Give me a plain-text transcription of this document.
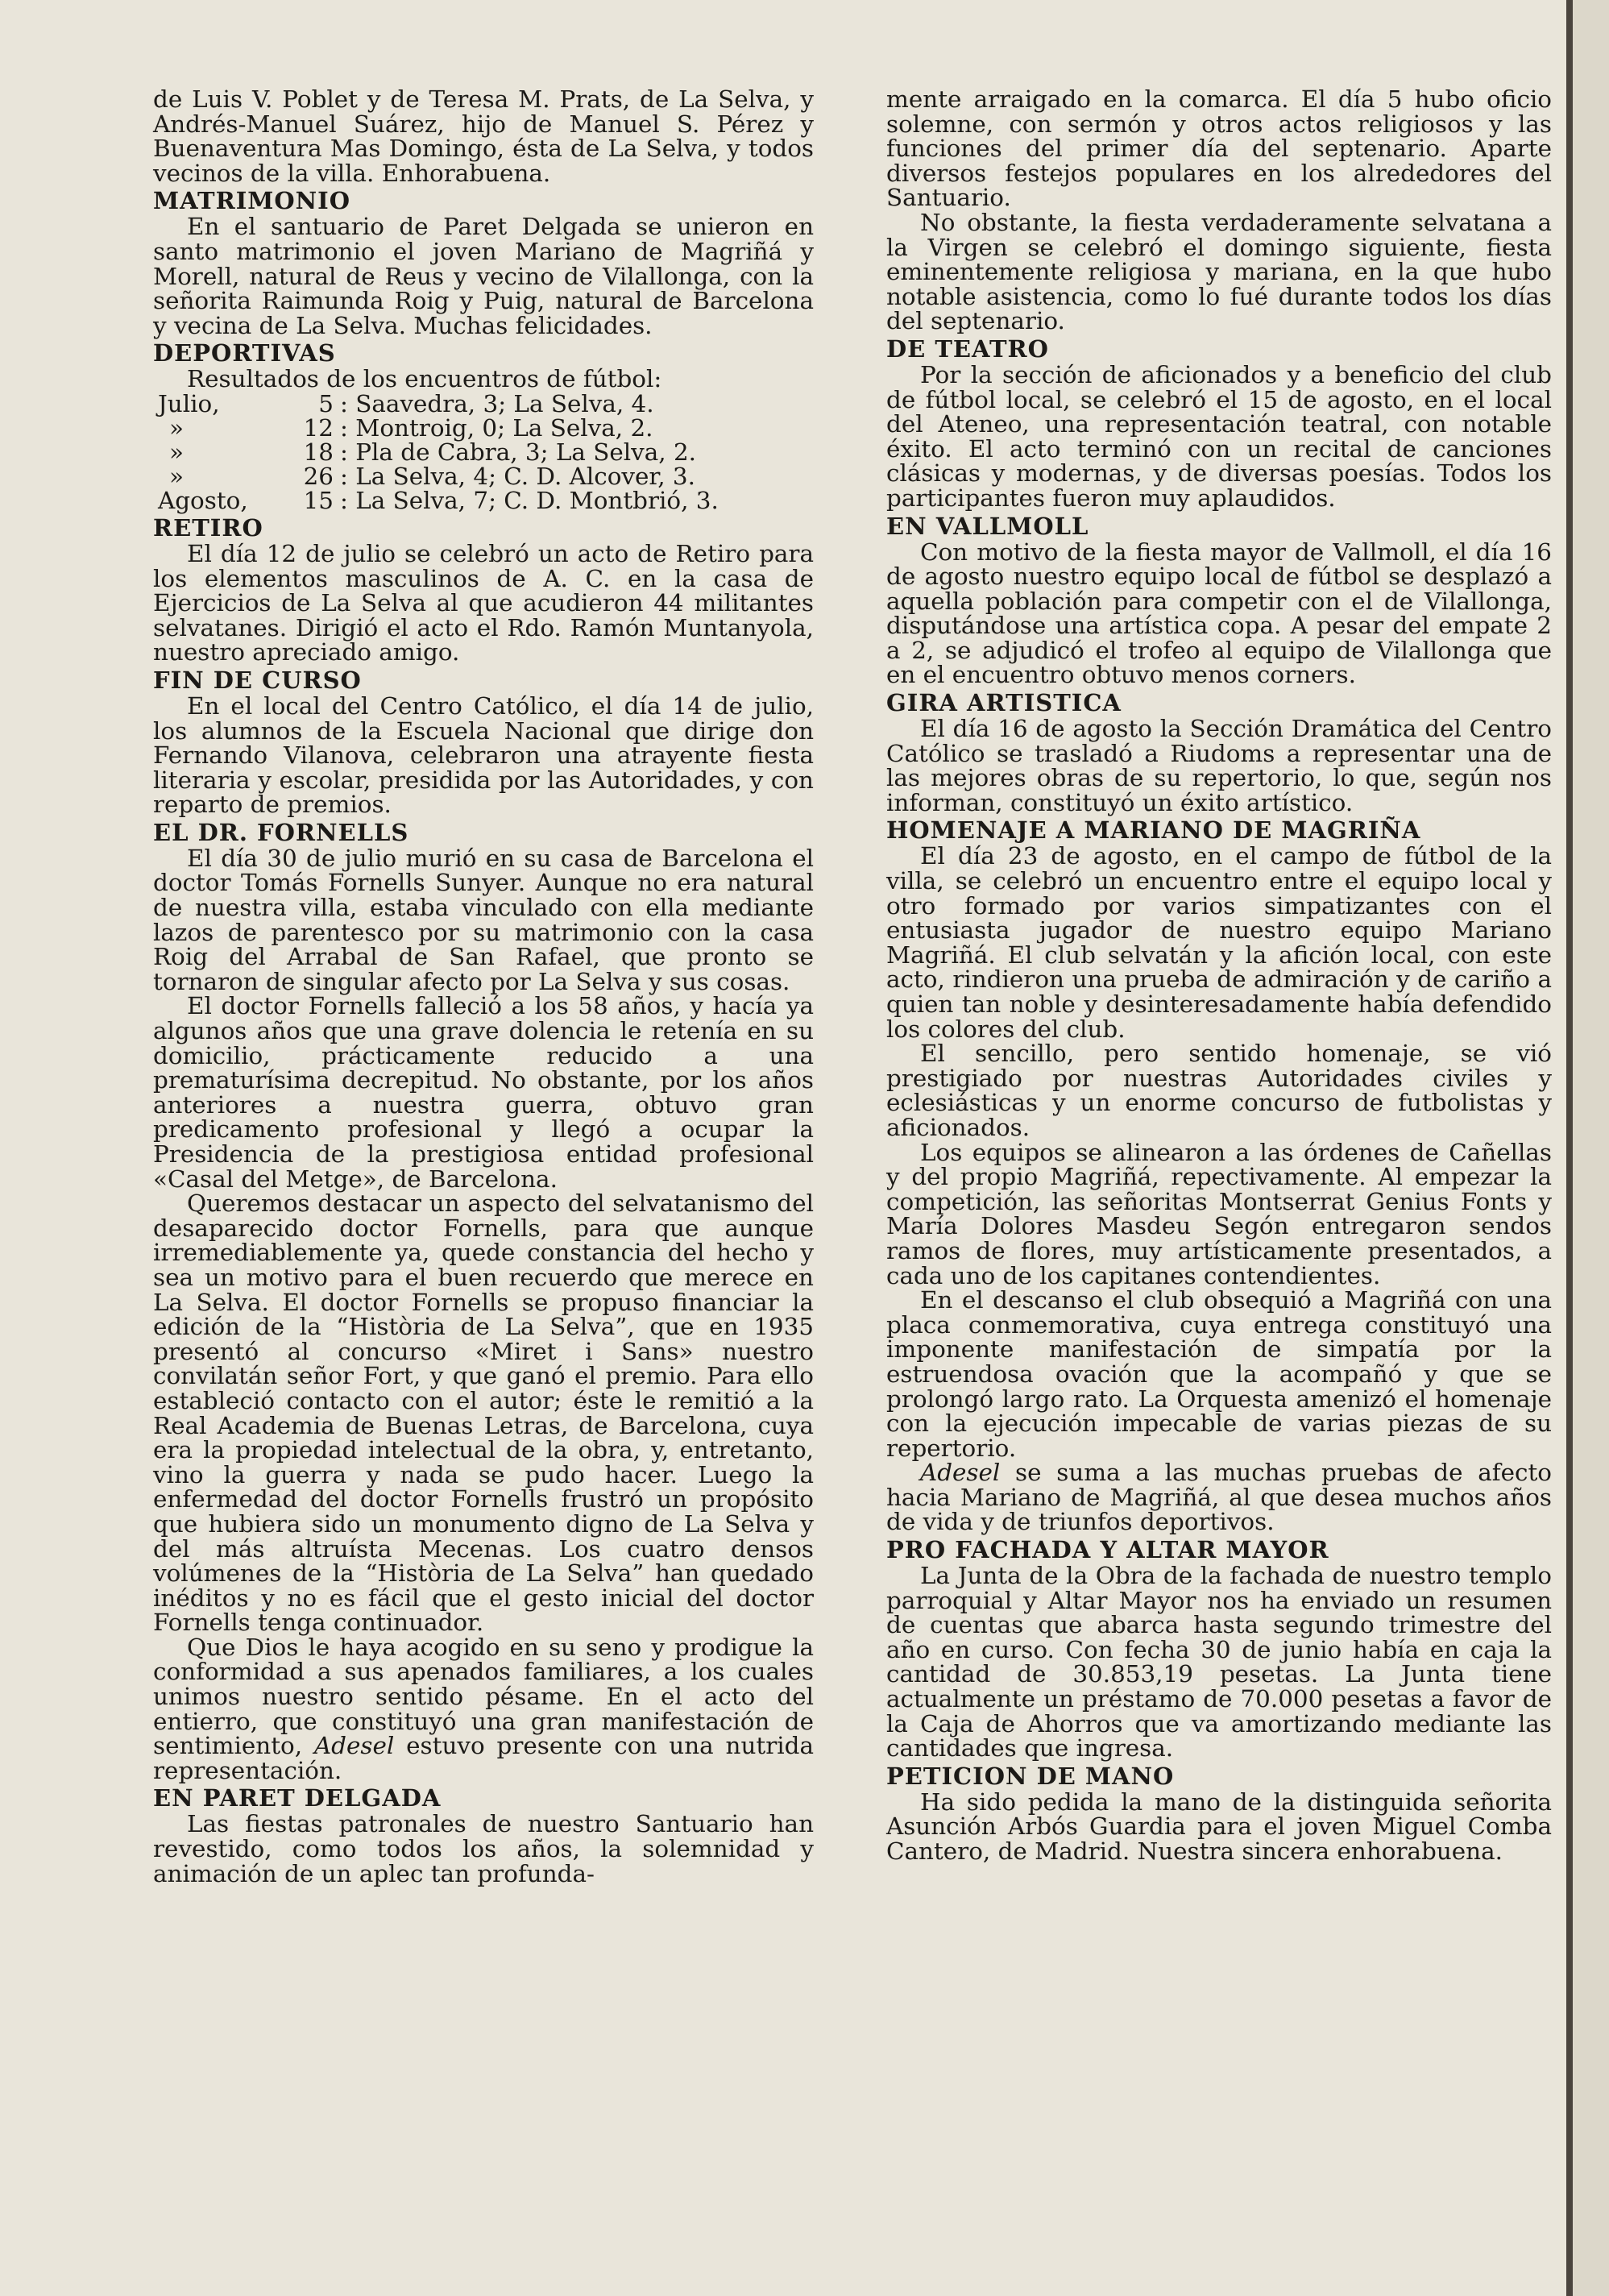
de Luis V. Poblet y de Teresa M. Prats, de La Selva, y Andrés-Manuel Suárez, hijo de Manuel S. Pérez y Buenaventura Mas Domingo, ésta de La Selva, y todos vecinos de la villa. Enhorabuena.

MATRIMONIO

En el santuario de Paret Delgada se unieron en santo matrimonio el joven Mariano de Magriñá y Morell, natural de Reus y vecino de Vilallonga, con la señorita Raimunda Roig y Puig, natural de Barcelona y vecina de La Selva. Muchas felicidades.

DEPORTIVAS

Resultados de los encuentros de fútbol:

Julio,	5	: Saavedra, 3; La Selva, 4.
»	12	: Montroig, 0; La Selva, 2.
»	18	: Pla de Cabra, 3; La Selva, 2.
»	26	: La Selva, 4; C. D. Alcover, 3.
Agosto,	15	: La Selva, 7; C. D. Montbrió, 3.
RETIRO

El día 12 de julio se celebró un acto de Retiro para los elementos masculinos de A. C. en la casa de Ejercicios de La Selva al que acudieron 44 militantes selvatanes. Dirigió el acto el Rdo. Ramón Muntanyola, nuestro apreciado amigo.

FIN DE CURSO

En el local del Centro Católico, el día 14 de julio, los alumnos de la Escuela Nacional que dirige don Fernando Vilanova, celebraron una atrayente fiesta literaria y escolar, presidida por las Autoridades, y con reparto de premios.

EL DR. FORNELLS

El día 30 de julio murió en su casa de Barcelona el doctor Tomás Fornells Sunyer. Aunque no era natural de nuestra villa, estaba vinculado con ella mediante lazos de parentesco por su matrimonio con la casa Roig del Arrabal de San Rafael, que pronto se tornaron de singular afecto por La Selva y sus cosas.

El doctor Fornells falleció a los 58 años, y hacía ya algunos años que una grave dolencia le retenía en su domicilio, prácticamente reducido a una prematurísima decrepitud. No obstante, por los años anteriores a nuestra guerra, obtuvo gran predicamento profesional y llegó a ocupar la Presidencia de la prestigiosa entidad profesional «Casal del Metge», de Barcelona.

Queremos destacar un aspecto del selvatanismo del desaparecido doctor Fornells, para que aunque irremediablemente ya, quede constancia del hecho y sea un motivo para el buen recuerdo que merece en La Selva. El doctor Fornells se propuso financiar la edición de la “Història de La Selva”, que en 1935 presentó al concurso «Miret i Sans» nuestro convilatán señor Fort, y que ganó el premio. Para ello estableció contacto con el autor; éste le remitió a la Real Academia de Buenas Letras, de Barcelona, cuya era la propiedad intelectual de la obra, y, entretanto, vino la guerra y nada se pudo hacer. Luego la enfermedad del doctor Fornells frustró un propósito que hubiera sido un monumento digno de La Selva y del más altruísta Mecenas. Los cuatro densos volúmenes de la “Història de La Selva” han quedado inéditos y no es fácil que el gesto inicial del doctor Fornells tenga continuador.

Que Dios le haya acogido en su seno y prodigue la conformidad a sus apenados familiares, a los cuales unimos nuestro sentido pésame. En el acto del entierro, que constituyó una gran manifestación de sentimiento, Adesel estuvo presente con una nutrida representación.

EN PARET DELGADA

Las fiestas patronales de nuestro Santuario han revestido, como todos los años, la solemnidad y animación de un aplec tan profunda-

mente arraigado en la comarca. El día 5 hubo oficio solemne, con sermón y otros actos religiosos y las funciones del primer día del septenario. Aparte diversos festejos populares en los alrededores del Santuario.

No obstante, la fiesta verdaderamente selvatana a la Virgen se celebró el domingo siguiente, fiesta eminentemente religiosa y mariana, en la que hubo notable asistencia, como lo fué durante todos los días del septenario.

DE TEATRO

Por la sección de aficionados y a beneficio del club de fútbol local, se celebró el 15 de agosto, en el local del Ateneo, una representación teatral, con notable éxito. El acto terminó con un recital de canciones clásicas y modernas, y de diversas poesías. Todos los participantes fueron muy aplaudidos.

EN VALLMOLL

Con motivo de la fiesta mayor de Vallmoll, el día 16 de agosto nuestro equipo local de fútbol se desplazó a aquella población para competir con el de Vilallonga, disputándose una artística copa. A pesar del empate 2 a 2, se adjudicó el trofeo al equipo de Vilallonga que en el encuentro obtuvo menos corners.

GIRA ARTISTICA

El día 16 de agosto la Sección Dramática del Centro Católico se trasladó a Riudoms a representar una de las mejores obras de su repertorio, lo que, según nos informan, constituyó un éxito artístico.

HOMENAJE A MARIANO DE MAGRIÑA

El día 23 de agosto, en el campo de fútbol de la villa, se celebró un encuentro entre el equipo local y otro formado por varios simpatizantes con el entusiasta jugador de nuestro equipo Mariano Magriñá. El club selvatán y la afición local, con este acto, rindieron una prueba de admiración y de cariño a quien tan noble y desinteresadamente había defendido los colores del club.

El sencillo, pero sentido homenaje, se vió prestigiado por nuestras Autoridades civiles y eclesiásticas y un enorme concurso de futbolistas y aficionados.

Los equipos se alinearon a las órdenes de Cañellas y del propio Magriñá, repectivamente. Al empezar la competición, las señoritas Montserrat Genius Fonts y María Dolores Masdeu Segón entregaron sendos ramos de flores, muy artísticamente presentados, a cada uno de los capitanes contendientes.

En el descanso el club obsequió a Magriñá con una placa conmemorativa, cuya entrega constituyó una imponente manifestación de simpatía por la estruendosa ovación que la acompañó y que se prolongó largo rato. La Orquesta amenizó el homenaje con la ejecución impecable de varias piezas de su repertorio.

Adesel se suma a las muchas pruebas de afecto hacia Mariano de Magriñá, al que desea muchos años de vida y de triunfos deportivos.

PRO FACHADA Y ALTAR MAYOR

La Junta de la Obra de la fachada de nuestro templo parroquial y Altar Mayor nos ha enviado un resumen de cuentas que abarca hasta segundo trimestre del año en curso. Con fecha 30 de junio había en caja la cantidad de 30.853,19 pesetas. La Junta tiene actualmente un préstamo de 70.000 pesetas a favor de la Caja de Ahorros que va amortizando mediante las cantidades que ingresa.

PETICION DE MANO

Ha sido pedida la mano de la distinguida señorita Asunción Arbós Guardia para el joven Miguel Comba Cantero, de Madrid. Nuestra sincera enhorabuena.
